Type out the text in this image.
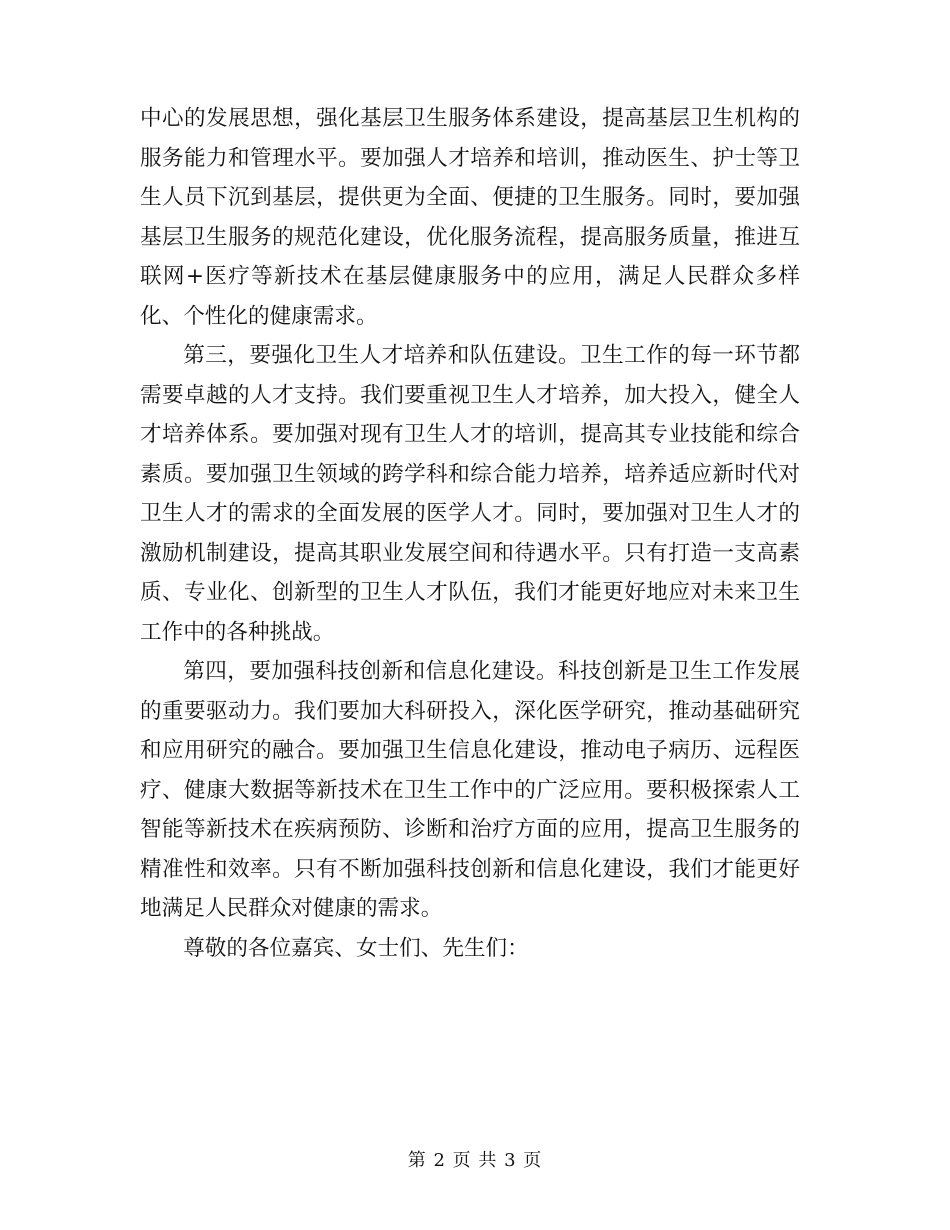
中心的发展思想，强化基层卫生服务体系建设，提高基层卫生机构的服务能力和管理水平。要加强人才培养和培训，推动医生、护士等卫生人员下沉到基层，提供更为全面、便捷的卫生服务。同时，要加强基层卫生服务的规范化建设，优化服务流程，提高服务质量，推进互联网+医疗等新技术在基层健康服务中的应用，满足人民群众多样化、个性化的健康需求。

第三，要强化卫生人才培养和队伍建设。卫生工作的每一环节都需要卓越的人才支持。我们要重视卫生人才培养，加大投入，健全人才培养体系。要加强对现有卫生人才的培训，提高其专业技能和综合素质。要加强卫生领域的跨学科和综合能力培养，培养适应新时代对卫生人才的需求的全面发展的医学人才。同时，要加强对卫生人才的激励机制建设，提高其职业发展空间和待遇水平。只有打造一支高素质、专业化、创新型的卫生人才队伍，我们才能更好地应对未来卫生工作中的各种挑战。

第四，要加强科技创新和信息化建设。科技创新是卫生工作发展的重要驱动力。我们要加大科研投入，深化医学研究，推动基础研究和应用研究的融合。要加强卫生信息化建设，推动电子病历、远程医疗、健康大数据等新技术在卫生工作中的广泛应用。要积极探索人工智能等新技术在疾病预防、诊断和治疗方面的应用，提高卫生服务的精准性和效率。只有不断加强科技创新和信息化建设，我们才能更好地满足人民群众对健康的需求。

尊敬的各位嘉宾、女士们、先生们：

第 2 页 共 3 页
